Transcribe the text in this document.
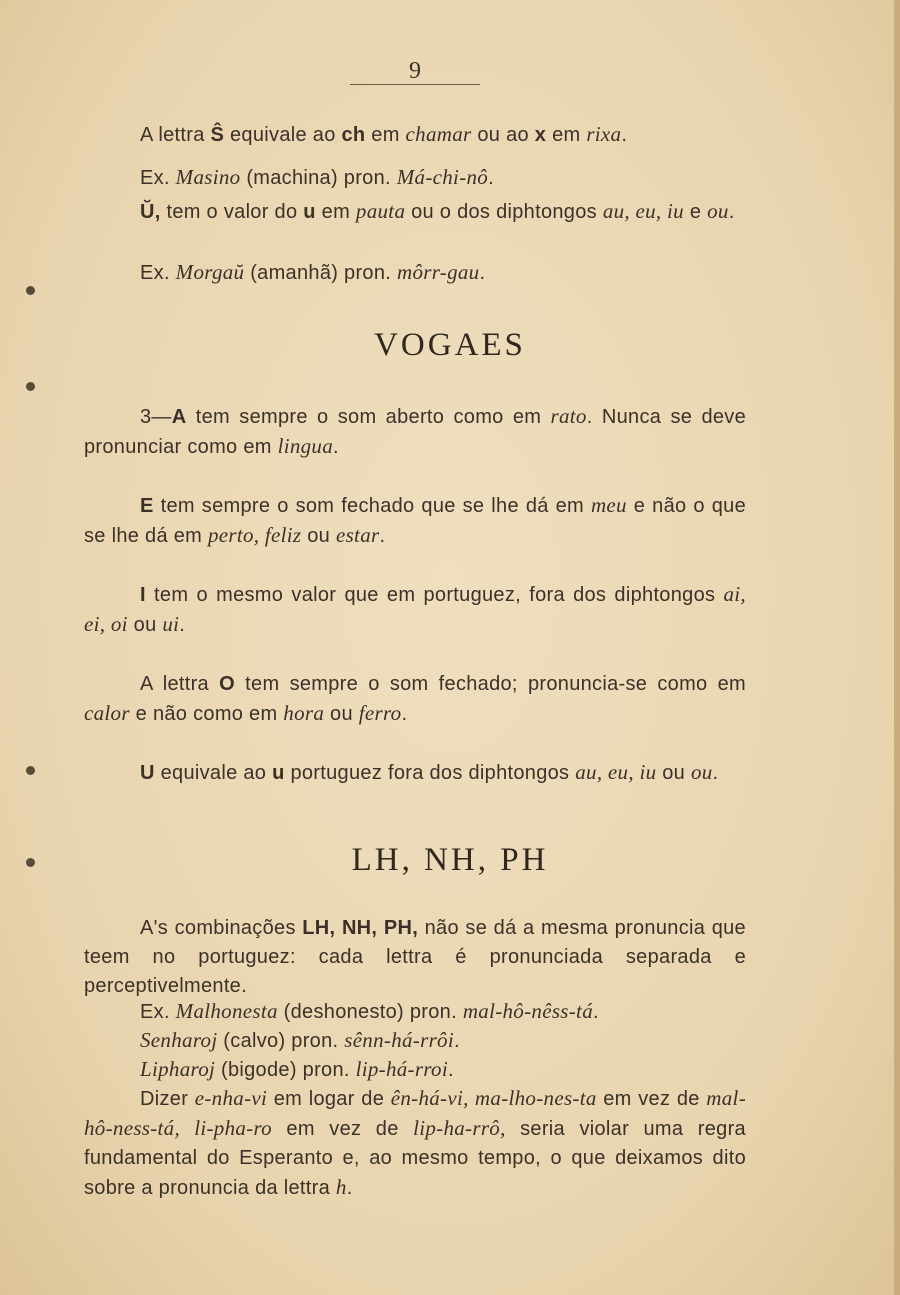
9
A lettra Ŝ equivale ao ch em chamar ou ao x em rixa.
Ex. Masino (machina) pron. Má-chi-nô.
Ŭ, tem o valor do u em pauta ou o dos diphtongos au, eu, iu e ou.
Ex. Morgaŭ (amanhã) pron. môrr-gau.
VOGAES
3—A tem sempre o som aberto como em rato. Nunca se deve pronunciar como em lingua.
E tem sempre o som fechado que se lhe dá em meu e não o que se lhe dá em perto, feliz ou estar.
I tem o mesmo valor que em portuguez, fora dos diphtongos ai, ei, oi ou ui.
A lettra O tem sempre o som fechado; pronuncia-se como em calor e não como em hora ou ferro.
U equivale ao u portuguez fora dos diphtongos au, eu, iu ou ou.
LH, NH, PH
A's combinações LH, NH, PH, não se dá a mesma pronuncia que teem no portuguez: cada lettra é pronunciada separada e perceptivelmente.
Ex. Malhonesta (deshonesto) pron. mal-hô-nêss-tá.
Senharoj (calvo) pron. sênn-há-rrôi.
Lipharoj (bigode) pron. lip-há-rroi.
Dizer e-nha-vi em logar de ên-há-vi, ma-lho-nes-ta em vez de mal-hô-ness-tá, li-pha-ro em vez de lip-ha-rrô, seria violar uma regra fundamental do Esperanto e, ao mesmo tempo, o que deixamos dito sobre a pronuncia da lettra h.
